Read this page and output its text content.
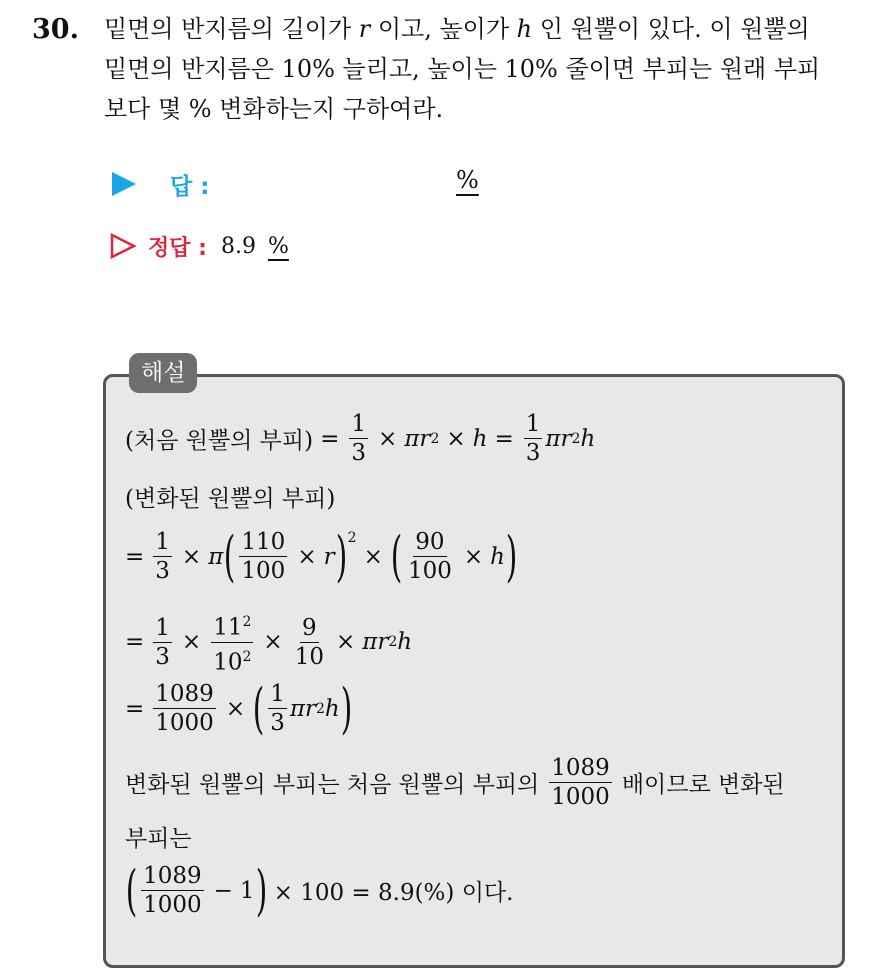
30. 밑면의 반지름의 길이가 r 이고, 높이가 h 인 원뿔이 있다. 이 원뿔의
밑면의 반지름은 10% 늘리고, 높이는 10% 줄이면 부피는 원래 부피
보다 몇 % 변화하는지 구하여라.
답 :	%
정답 : 8.9 %
해설
(처음 원뿔의 부피) = $\frac{1}{3} \times \pi r$ $2 \times h = \frac{1}{3}$ πr 2 h
(변화된 원뿔의 부피)
= $\frac{1}{3} \times \pi$ ( $\frac{110}{100} \times r$ )$^2$
× ( $\frac{90}{100} \times h$ )
= $\frac{1}{3} \times \frac{11^2}{10^2} \times \frac{9}{10} \times \pi r$ 2 h
= $\frac{1089}{1000}$ × ( $\frac{1}{3}$ πr 2 h )
변화된 원뿔의 부피는 처음 원뿔의 부피의 $\frac{1089}{1000}$ 배이므로 변화된
부피는
( $\frac{1089}{1000} - 1$ ) × 100 = 8.9(%) 이다.
